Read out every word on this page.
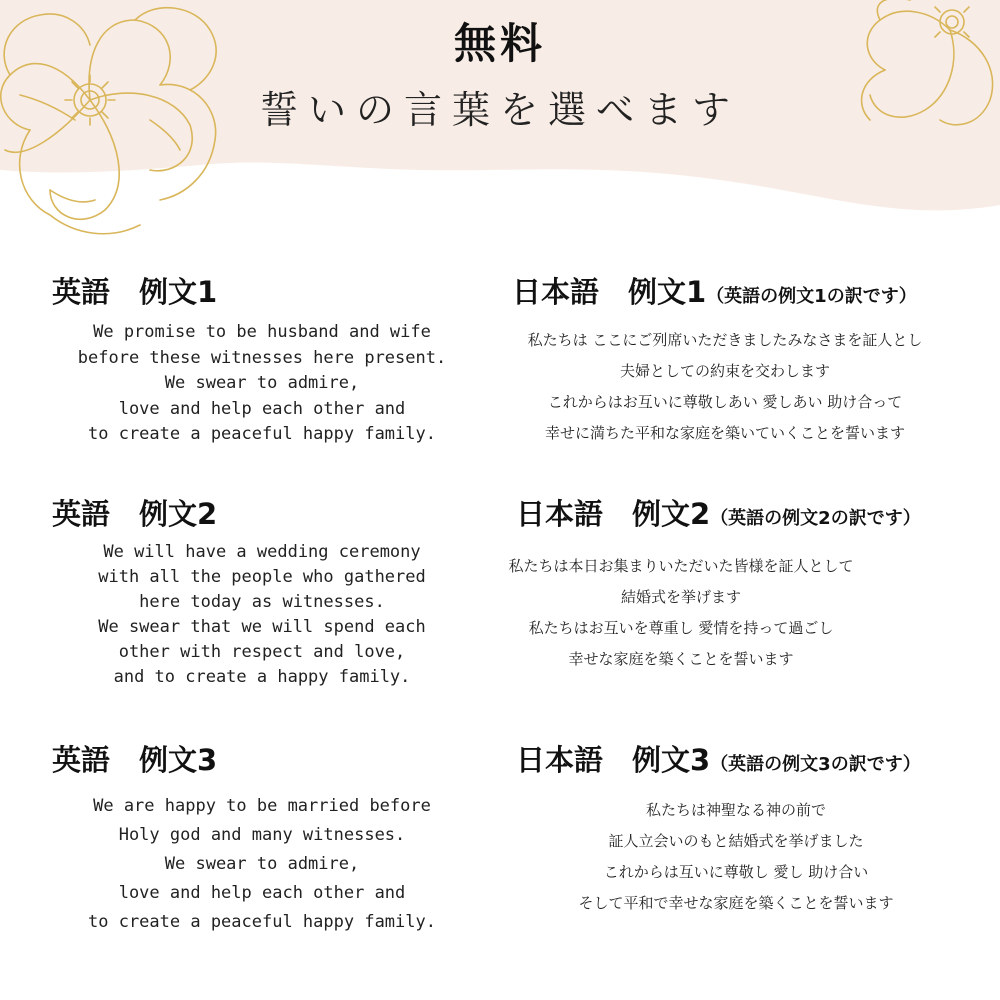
無料
誓いの言葉を選べます
英語　例文1
We promise to be husband and wife
before these witnesses here present.
We swear to admire,
love and help each other and
to create a peaceful happy family.
英語　例文2
We will have a wedding ceremony
with all the people who gathered
here today as witnesses.
We swear that we will spend each
other with respect and love,
and to create a happy family.
英語　例文3
We are happy to be married before
Holy god and many witnesses.
We swear to admire,
love and help each other and
to create a peaceful happy family.
日本語　例文1（英語の例文1の訳です）
私たちは ここにご列席いただきましたみなさまを証人とし
夫婦としての約束を交わします
これからはお互いに尊敬しあい 愛しあい 助け合って
幸せに満ちた平和な家庭を築いていくことを誓います
日本語　例文2（英語の例文2の訳です）
私たちは本日お集まりいただいた皆様を証人として
結婚式を挙げます
私たちはお互いを尊重し 愛情を持って過ごし
幸せな家庭を築くことを誓います
日本語　例文3（英語の例文3の訳です）
私たちは神聖なる神の前で
証人立会いのもと結婚式を挙げました
これからは互いに尊敬し 愛し 助け合い
そして平和で幸せな家庭を築くことを誓います
